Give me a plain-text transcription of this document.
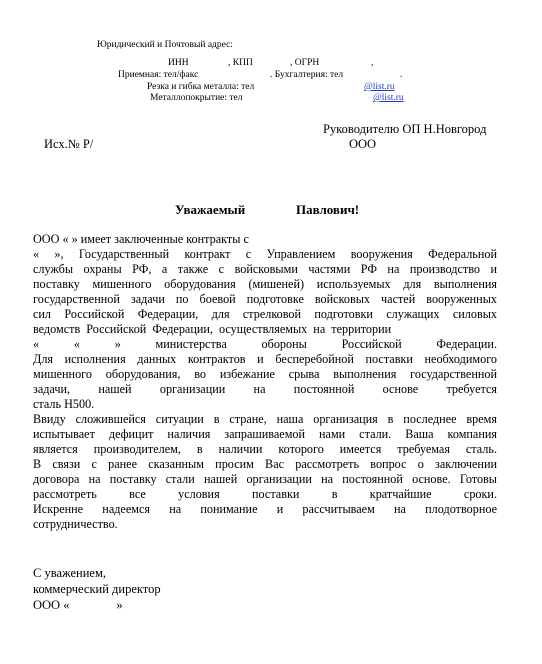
Юридический и Почтовый адрес:
ИНН	, КПП	, ОГРН	,
Приемная: тел/факс	. Бухгалтерия: тел	.
Резка и гибка металла: тел	@list.ru
Металлопокрытие: тел	@list.ru
Руководителю ОП Н.Новгород
ООО
Исх.№ Р/
Уважаемый	Павлович!
ООО « » имеет заключенные контракты с
« », Государственный контракт с Управлением вооружения Федеральной
службы охраны РФ, а также с войсковыми частями РФ на производство и
поставку мишенного оборудования (мишеней) используемых для выполнения
государственной задачи по боевой подготовке войсковых частей вооруженных
сил Российской Федерации, для стрелковой подготовки служащих силовых
ведомств Российской Федерации, осуществляемых на территории
« « » министерства обороны Российской Федерации.
Для исполнения данных контрактов и бесперебойной поставки необходимого
мишенного оборудования, во избежание срыва выполнения государственной
задачи, нашей организации на постоянной основе требуется
сталь Н500.
Ввиду сложившейся ситуации в стране, наша организация в последнее время
испытывает дефицит наличия запрашиваемой нами стали. Ваша компания
является производителем, в наличии которого имеется требуемая сталь.
В связи с ранее сказанным просим Вас рассмотреть вопрос о заключении
договора на поставку стали нашей организации на постоянной основе. Готовы
рассмотреть все условия поставки в кратчайшие сроки.
Искренне надеемся на понимание и рассчитываем на плодотворное
сотрудничество.
С уважением,
коммерческий директор
ООО «               »
